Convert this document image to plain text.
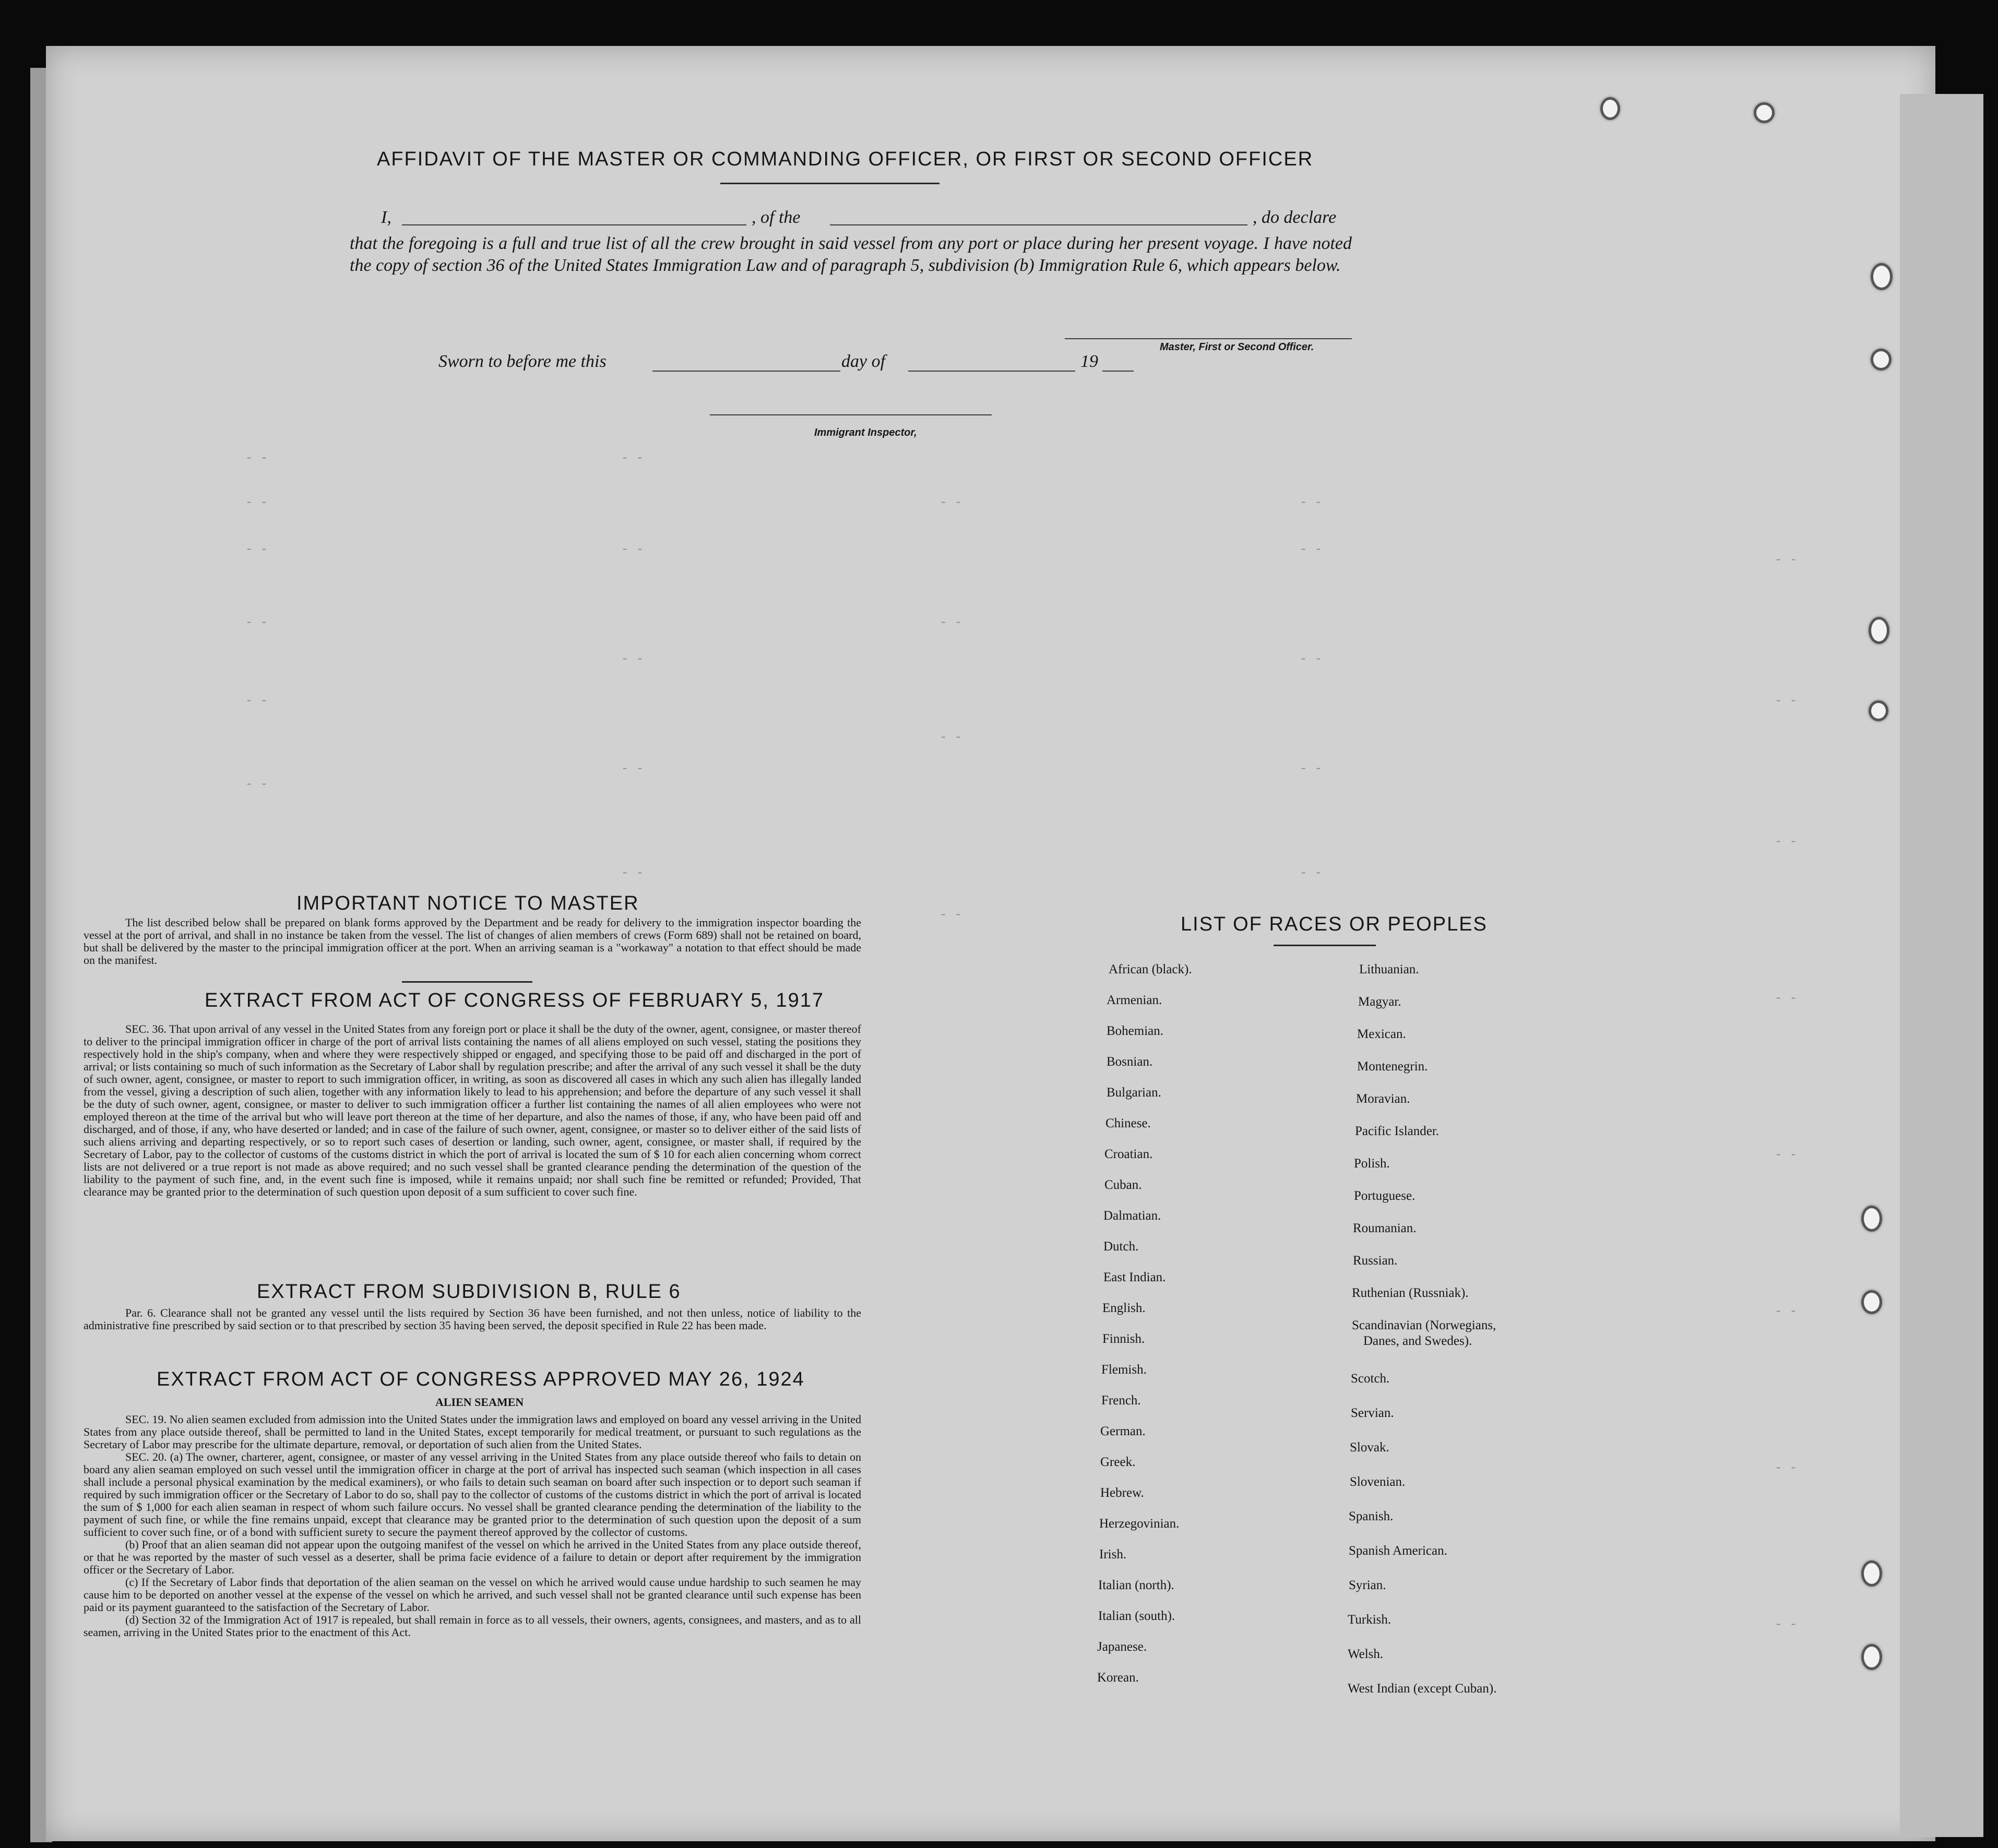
- -
- -
- -
- -
- -
- -
- -
- -
- -
- -
- -
- -
- -
- -
- -
- -
- -
- -
- -
- -
- -
- -
- -
- -
- -
- -
- -
- -
AFFIDAVIT OF THE MASTER OR COMMANDING OFFICER, OR FIRST OR SECOND OFFICER
I,	, of the	, do declare
that the foregoing is a full and true list of all the crew brought in said vessel from any port or place during her present voyage. I have noted the copy of section 36 of the United States Immigration Law and of paragraph 5, subdivision (b) Immigration Rule 6, which appears below.
Master, First or Second Officer.
Sworn to before me this	day of	19
Immigrant Inspector,
IMPORTANT NOTICE TO MASTER

The list described below shall be prepared on blank forms approved by the Department and be ready for delivery to the immigration inspector boarding the vessel at the port of arrival, and shall in no instance be taken from the vessel. The list of changes of alien members of crews (Form 689) shall not be retained on board, but shall be delivered by the master to the principal immigration officer at the port. When an arriving seaman is a "workaway" a notation to that effect should be made on the manifest.

EXTRACT FROM ACT OF CONGRESS OF FEBRUARY 5, 1917

SEC. 36. That upon arrival of any vessel in the United States from any foreign port or place it shall be the duty of the owner, agent, consignee, or master thereof to deliver to the principal immigration officer in charge of the port of arrival lists containing the names of all aliens employed on such vessel, stating the positions they respectively hold in the ship's company, when and where they were respectively shipped or engaged, and specifying those to be paid off and discharged in the port of arrival; or lists containing so much of such information as the Secretary of Labor shall by regulation prescribe; and after the arrival of any such vessel it shall be the duty of such owner, agent, consignee, or master to report to such immigration officer, in writing, as soon as discovered all cases in which any such alien has illegally landed from the vessel, giving a description of such alien, together with any information likely to lead to his apprehension; and before the departure of any such vessel it shall be the duty of such owner, agent, consignee, or master to deliver to such immigration officer a further list containing the names of all alien employees who were not employed thereon at the time of the arrival but who will leave port thereon at the time of her departure, and also the names of those, if any, who have been paid off and discharged, and of those, if any, who have deserted or landed; and in case of the failure of such owner, agent, consignee, or master so to deliver either of the said lists of such aliens arriving and departing respectively, or so to report such cases of desertion or landing, such owner, agent, consignee, or master shall, if required by the Secretary of Labor, pay to the collector of customs of the customs district in which the port of arrival is located the sum of $ 10 for each alien concerning whom correct lists are not delivered or a true report is not made as above required; and no such vessel shall be granted clearance pending the determination of the question of the liability to the payment of such fine, and, in the event such fine is imposed, while it remains unpaid; nor shall such fine be remitted or refunded; Provided, That clearance may be granted prior to the determination of such question upon deposit of a sum sufficient to cover such fine.

EXTRACT FROM SUBDIVISION B, RULE 6

Par. 6. Clearance shall not be granted any vessel until the lists required by Section 36 have been furnished, and not then unless, notice of liability to the administrative fine prescribed by said section or to that prescribed by section 35 having been served, the deposit specified in Rule 22 has been made.

EXTRACT FROM ACT OF CONGRESS APPROVED MAY 26, 1924
ALIEN SEAMEN

SEC. 19. No alien seamen excluded from admission into the United States under the immigration laws and employed on board any vessel arriving in the United States from any place outside thereof, shall be permitted to land in the United States, except temporarily for medical treatment, or pursuant to such regulations as the Secretary of Labor may prescribe for the ultimate departure, removal, or deportation of such alien from the United States.

SEC. 20. (a) The owner, charterer, agent, consignee, or master of any vessel arriving in the United States from any place outside thereof who fails to detain on board any alien seaman employed on such vessel until the immigration officer in charge at the port of arrival has inspected such seaman (which inspection in all cases shall include a personal physical examination by the medical examiners), or who fails to detain such seaman on board after such inspection or to deport such seaman if required by such immigration officer or the Secretary of Labor to do so, shall pay to the collector of customs of the customs district in which the port of arrival is located the sum of $ 1,000 for each alien seaman in respect of whom such failure occurs. No vessel shall be granted clearance pending the determination of the liability to the payment of such fine, or while the fine remains unpaid, except that clearance may be granted prior to the determination of such question upon the deposit of a sum sufficient to cover such fine, or of a bond with sufficient surety to secure the payment thereof approved by the collector of customs.

(b) Proof that an alien seaman did not appear upon the outgoing manifest of the vessel on which he arrived in the United States from any place outside thereof, or that he was reported by the master of such vessel as a deserter, shall be prima facie evidence of a failure to detain or deport after requirement by the immigration officer or the Secretary of Labor.

(c) If the Secretary of Labor finds that deportation of the alien seaman on the vessel on which he arrived would cause undue hardship to such seamen he may cause him to be deported on another vessel at the expense of the vessel on which he arrived, and such vessel shall not be granted clearance until such expense has been paid or its payment guaranteed to the satisfaction of the Secretary of Labor.

(d) Section 32 of the Immigration Act of 1917 is repealed, but shall remain in force as to all vessels, their owners, agents, consignees, and masters, and as to all seamen, arriving in the United States prior to the enactment of this Act.

LIST OF RACES OR PEOPLES
African (black).
Armenian.
Bohemian.
Bosnian.
Bulgarian.
Chinese.
Croatian.
Cuban.
Dalmatian.
Dutch.
East Indian.
English.
Finnish.
Flemish.
French.
German.
Greek.
Hebrew.
Herzegovinian.
Irish.
Italian (north).
Italian (south).
Japanese.
Korean.
Lithuanian.
Magyar.
Mexican.
Montenegrin.
Moravian.
Pacific Islander.
Polish.
Portuguese.
Roumanian.
Russian.
Ruthenian (Russniak).
Scandinavian (Norwegians,
Danes, and Swedes).
Scotch.
Servian.
Slovak.
Slovenian.
Spanish.
Spanish American.
Syrian.
Turkish.
Welsh.
West Indian (except Cuban).
